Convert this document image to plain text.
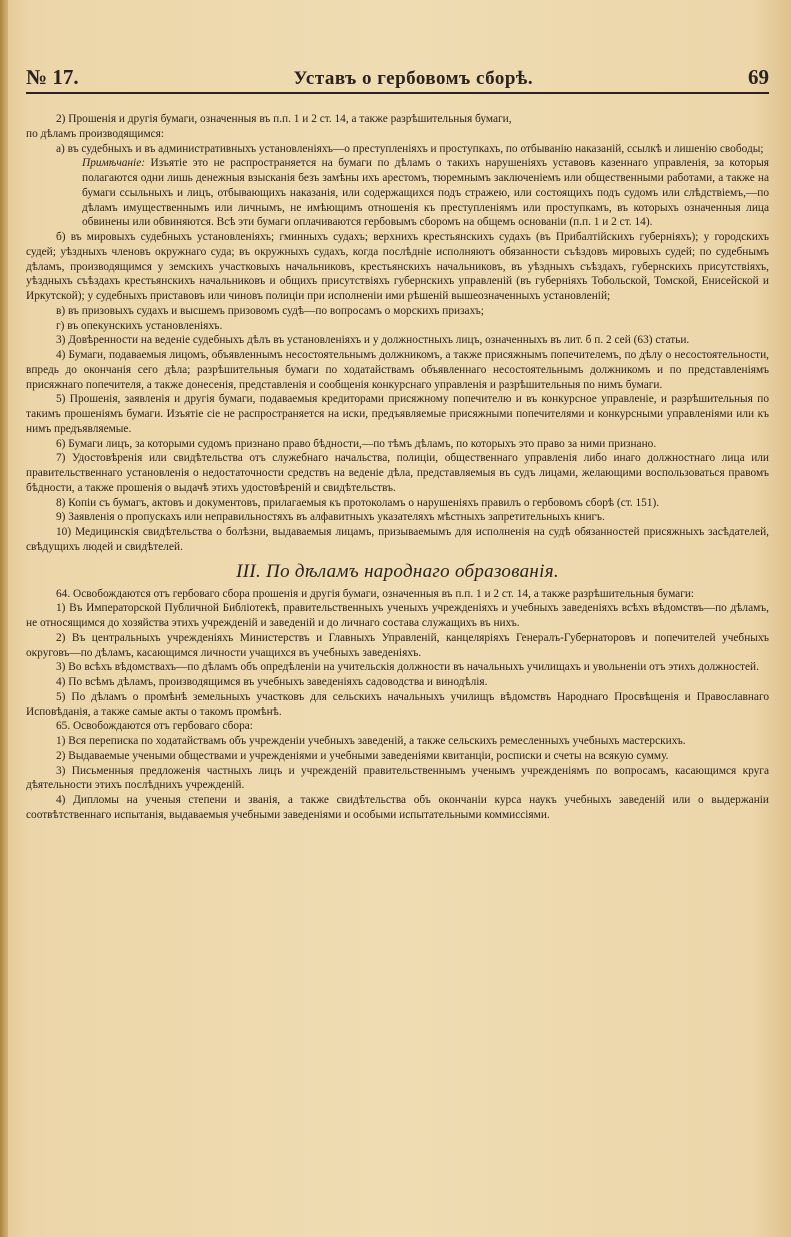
№ 17.	Уставъ о гербовомъ сборѣ.	69

2) Прошенія и другія бумаги, означенныя въ п.п. 1 и 2 ст. 14, а также разрѣшительныя бумаги,

по дѣламъ производящимся:

а) въ судебныхъ и въ административныхъ установленіяхъ—о преступленіяхъ и проступкахъ, по отбыванію наказаній, ссылкѣ и лишенію свободы;

Примѣчаніе: Изъятіе это не распространяется на бумаги по дѣламъ о такихъ нарушеніяхъ уставовъ казеннаго управленія, за которыя полагаются одни лишь денежныя взысканія безъ замѣны ихъ арестомъ, тюремнымъ заключеніемъ или общественными работами, а также на бумаги ссыльныхъ и лицъ, отбывающихъ наказанія, или содержащихся подъ стражею, или состоящихъ подъ судомъ или слѣдствіемъ,—по дѣламъ имущественнымъ или личнымъ, не имѣющимъ отношенія къ преступленіямъ или проступкамъ, въ которыхъ означенныя лица обвинены или обвиняются. Всѣ эти бумаги оплачиваются гербовымъ сборомъ на общемъ основаніи (п.п. 1 и 2 ст. 14).

б) въ мировыхъ судебныхъ установленіяхъ; гминныхъ судахъ; верхнихъ крестьянскихъ судахъ (въ Прибалтійскихъ губерніяхъ); у городскихъ судей; уѣздныхъ членовъ окружнаго суда; въ окружныхъ судахъ, когда послѣдніе исполняютъ обязанности съѣздовъ мировыхъ судей; по судебнымъ дѣламъ, производящимся у земскихъ участковыхъ начальниковъ, крестьянскихъ начальниковъ, въ уѣздныхъ съѣздахъ, губернскихъ присутствіяхъ, уѣздныхъ съѣздахъ крестьянскихъ начальниковъ и общихъ присутствіяхъ губернскихъ управленій (въ губерніяхъ Тобольской, Томской, Енисейской и Иркутской); у судебныхъ приставовъ или чиновъ полиціи при исполненіи ими рѣшеній вышеозначенныхъ установленій;

в) въ призовыхъ судахъ и высшемъ призовомъ судѣ—по вопросамъ о морскихъ призахъ;

г) въ опекунскихъ установленіяхъ.

3) Довѣренности на веденіе судебныхъ дѣлъ въ установленіяхъ и у должностныхъ лицъ, означенныхъ въ лит. б п. 2 сей (63) статьи.

4) Бумаги, подаваемыя лицомъ, объявленнымъ несостоятельнымъ должникомъ, а также присяжнымъ попечителемъ, по дѣлу о несостоятельности, впредь до окончанія сего дѣла; разрѣшительныя бумаги по ходатайствамъ объявленнаго несостоятельнымъ должникомъ и по представленіямъ присяжнаго попечителя, а также донесенія, представленія и сообщенія конкурснаго управленія и разрѣшительныя по нимъ бумаги.

5) Прошенія, заявленія и другія бумаги, подаваемыя кредиторами присяжному попечителю и въ конкурсное управленіе, и разрѣшительныя по такимъ прошеніямъ бумаги. Изъятіе сіе не распространяется на иски, предъявляемые присяжными попечителями и конкурсными управленіями или къ нимъ предъявляемые.

6) Бумаги лицъ, за которыми судомъ признано право бѣдности,—по тѣмъ дѣламъ, по которыхъ это право за ними признано.

7) Удостовѣренія или свидѣтельства отъ служебнаго начальства, полиціи, общественнаго управленія либо инаго должностнаго лица или правительственнаго установленія о недостаточности средствъ на веденіе дѣла, представляемыя въ судъ лицами, желающими воспользоваться правомъ бѣдности, а также прошенія о выдачѣ этихъ удостовѣреній и свидѣтельствъ.

8) Копіи съ бумагъ, актовъ и документовъ, прилагаемыя къ протоколамъ о нарушеніяхъ правилъ о гербовомъ сборѣ (ст. 151).

9) Заявленія о пропускахъ или неправильностяхъ въ алфавитныхъ указателяхъ мѣстныхъ запретительныхъ книгъ.

10) Медицинскія свидѣтельства о болѣзни, выдаваемыя лицамъ, призываемымъ для исполненія на судѣ обязанностей присяжныхъ засѣдателей, свѣдущихъ людей и свидѣтелей.

III. По дѣламъ народнаго образованія.

64. Освобождаются отъ гербоваго сбора прошенія и другія бумаги, означенныя въ п.п. 1 и 2 ст. 14, а также разрѣшительныя бумаги:

1) Въ Императорской Публичной Библіотекѣ, правительственныхъ ученыхъ учрежденіяхъ и учебныхъ заведеніяхъ всѣхъ вѣдомствъ—по дѣламъ, не относящимся до хозяйства этихъ учрежденій и заведеній и до личнаго состава служащихъ въ нихъ.

2) Въ центральныхъ учрежденіяхъ Министерствъ и Главныхъ Управленій, канцеляріяхъ Генералъ-Губернаторовъ и попечителей учебныхъ округовъ—по дѣламъ, касающимся личности учащихся въ учебныхъ заведеніяхъ.

3) Во всѣхъ вѣдомствахъ—по дѣламъ объ опредѣленіи на учительскія должности въ начальныхъ училищахъ и увольненіи отъ этихъ должностей.

4) По всѣмъ дѣламъ, производящимся въ учебныхъ заведеніяхъ садоводства и винодѣлія.

5) По дѣламъ о промѣнѣ земельныхъ участковъ для сельскихъ начальныхъ училищъ вѣдомствъ Народнаго Просвѣщенія и Православнаго Исповѣданія, а также самые акты о такомъ промѣнѣ.

65. Освобождаются отъ гербоваго сбора:

1) Вся переписка по ходатайствамъ объ учрежденіи учебныхъ заведеній, а также сельскихъ ремесленныхъ учебныхъ мастерскихъ.

2) Выдаваемые учеными обществами и учрежденіями и учебными заведеніями квитанціи, росписки и счеты на всякую сумму.

3) Письменныя предложенія частныхъ лицъ и учрежденій правительственнымъ ученымъ учрежденіямъ по вопросамъ, касающимся круга дѣятельности этихъ послѣднихъ учрежденій.

4) Дипломы на ученыя степени и званія, а также свидѣтельства объ окончаніи курса наукъ учебныхъ заведеній или о выдержаніи соотвѣтственнаго испытанія, выдаваемыя учебными заведеніями и особыми испытательными коммиссіями.
